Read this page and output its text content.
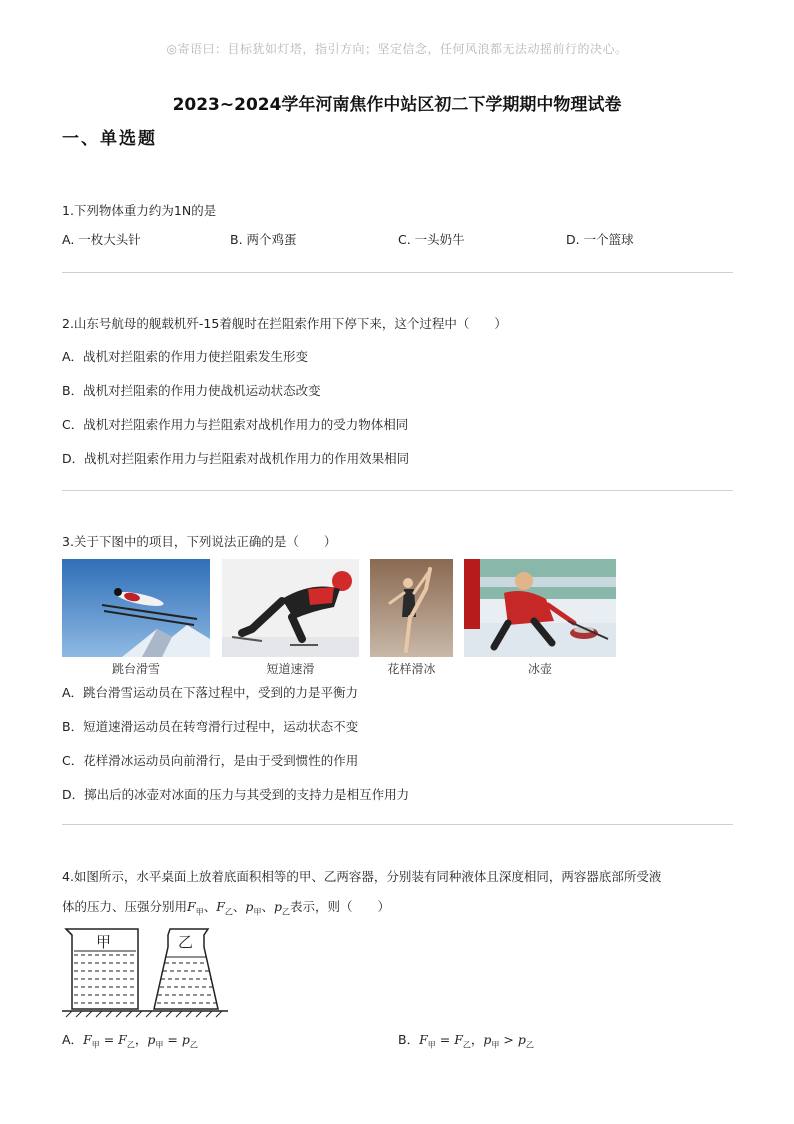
◎寄语曰：目标犹如灯塔，指引方向；坚定信念，任何风浪都无法动摇前行的决心。
2023~2024学年河南焦作中站区初二下学期期中物理试卷
一、单选题
1.下列物体重力约为1N的是
A. 一枚大头针	B. 两个鸡蛋	C. 一头奶牛	D. 一个篮球
2.山东号航母的舰载机歼-15着舰时在拦阻索作用下停下来，这个过程中（　　）
A．战机对拦阻索的作用力使拦阻索发生形变
B．战机对拦阻索的作用力使战机运动状态改变
C．战机对拦阻索作用力与拦阻索对战机作用力的受力物体相同
D．战机对拦阻索作用力与拦阻索对战机作用力的作用效果相同
3.关于下图中的项目，下列说法正确的是（　　）
跳台滑雪	短道速滑	花样滑冰	冰壶
A．跳台滑雪运动员在下落过程中，受到的力是平衡力
B．短道速滑运动员在转弯滑行过程中，运动状态不变
C．花样滑冰运动员向前滑行，是由于受到惯性的作用
D．掷出后的冰壶对冰面的压力与其受到的支持力是相互作用力
4.如图所示，水平桌面上放着底面积相等的甲、乙两容器，分别装有同种液体且深度相同，两容器底部所受液
体的压力、压强分别用$F_甲$、$F_乙$、$p_甲$、$p_乙$表示，则（　　）
甲	乙
A．$F_甲 = F_乙$，$p_甲 = p_乙$	B．$F_甲 = F_乙$，$p_甲 > p_乙$
